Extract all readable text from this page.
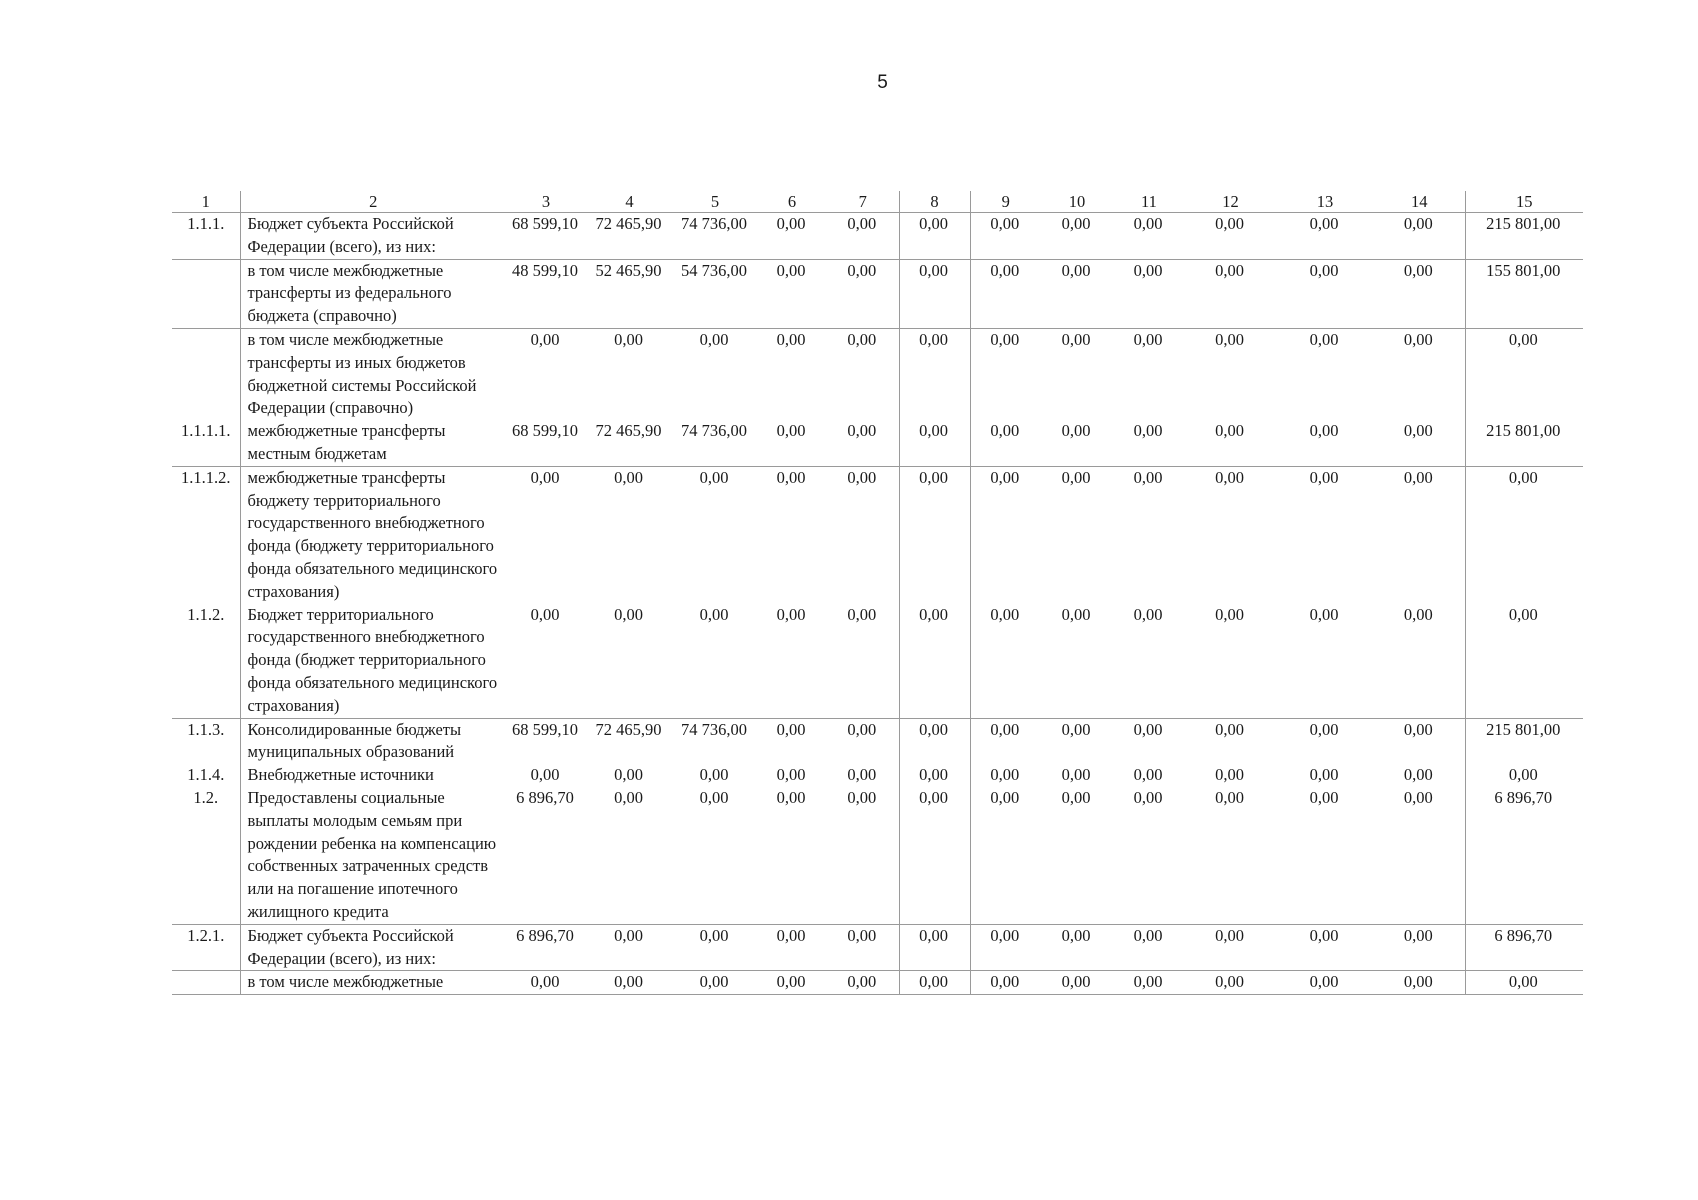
5
1	2	3	4	5	6	7	8	9	10	11	12	13	14	15
1.1.1.	Бюджет субъекта Российской Федерации (всего), из них:	68 599,10	72 465,90	74 736,00	0,00	0,00	0,00	0,00	0,00	0,00	0,00	0,00	0,00	215 801,00
	в том числе межбюджетные трансферты из федерального бюджета (справочно)	48 599,10	52 465,90	54 736,00	0,00	0,00	0,00	0,00	0,00	0,00	0,00	0,00	0,00	155 801,00
	в том числе межбюджетные трансферты из иных бюджетов бюджетной системы Российской Федерации (справочно)	0,00	0,00	0,00	0,00	0,00	0,00	0,00	0,00	0,00	0,00	0,00	0,00	0,00
1.1.1.1.	межбюджетные трансферты местным бюджетам	68 599,10	72 465,90	74 736,00	0,00	0,00	0,00	0,00	0,00	0,00	0,00	0,00	0,00	215 801,00
1.1.1.2.	межбюджетные трансферты бюджету территориального государственного внебюджетного фонда (бюджету территориального фонда обязательного медицинского страхования)	0,00	0,00	0,00	0,00	0,00	0,00	0,00	0,00	0,00	0,00	0,00	0,00	0,00
1.1.2.	Бюджет территориального государственного внебюджетного фонда (бюджет территориального фонда обязательного медицинского страхования)	0,00	0,00	0,00	0,00	0,00	0,00	0,00	0,00	0,00	0,00	0,00	0,00	0,00
1.1.3.	Консолидированные бюджеты муниципальных образований	68 599,10	72 465,90	74 736,00	0,00	0,00	0,00	0,00	0,00	0,00	0,00	0,00	0,00	215 801,00
1.1.4.	Внебюджетные источники	0,00	0,00	0,00	0,00	0,00	0,00	0,00	0,00	0,00	0,00	0,00	0,00	0,00
1.2.	Предоставлены социальные выплаты молодым семьям при рождении ребенка на компенсацию собственных затраченных средств или на погашение ипотечного жилищного кредита	6 896,70	0,00	0,00	0,00	0,00	0,00	0,00	0,00	0,00	0,00	0,00	0,00	6 896,70
1.2.1.	Бюджет субъекта Российской Федерации (всего), из них:	6 896,70	0,00	0,00	0,00	0,00	0,00	0,00	0,00	0,00	0,00	0,00	0,00	6 896,70
	в том числе межбюджетные	0,00	0,00	0,00	0,00	0,00	0,00	0,00	0,00	0,00	0,00	0,00	0,00	0,00
